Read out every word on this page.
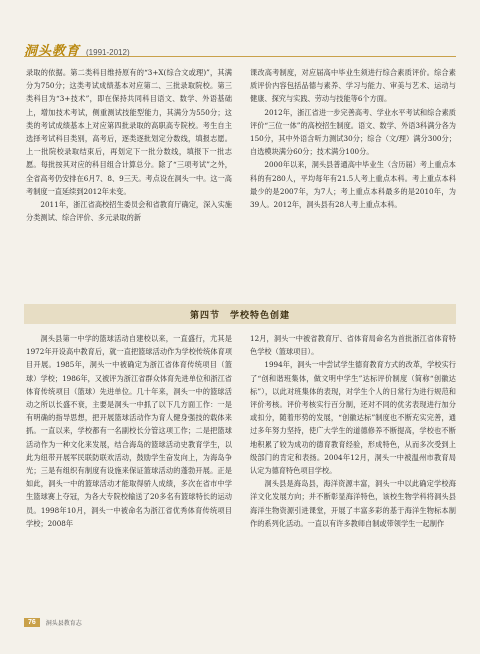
洞头教育 (1991-2012)

录取的依据。第二类科目维持原有的“3+X(综合文或理)”，其满分为750分；这类考试成绩基本对应第二、三批录取院校。第三类科目为“3+技术”，即在保持共同科目语文、数学、外语基础上，增加技术考试，侧重测试技能型能力，其满分为550分；这类的考试成绩基本上对应第四批录取的高职高专院校。考生自主选择考试科目类别，高考后，逐类逐批划定分数线，填报志愿。上一批院校录取结束后，再划定下一批分数线，填报下一批志愿。每批按其对应的科目组合计算总分。除了“三项考试”之外，全省高考仍安排在6月7、8、9三天。考点设在洞头一中。这一高考制度一直延续到2012年未变。

2011年，浙江省高校招生委员会和省教育厅确定，深入实施分类测试、综合评价、多元录取的新

课改高考制度，对应届高中毕业生须进行综合素质评价。综合素质评价内容包括品德与素养、学习与能力、审美与艺术、运动与健康、探究与实践、劳动与技能等6个方面。

2012年，浙江省进一步完善高考、学业水平考试和综合素质评价“三位一体”的高校招生制度。语文、数学、外语3科满分各为150分，其中外语含听力测试30分；综合（文/理）满分300分；自选模块满分60分；技术满分100分。

2000年以来，洞头县普通高中毕业生（含历届）考上重点本科的有280人，平均每年有21.5人考上重点本科。考上重点本科最少的是2007年，为7人；考上重点本科最多的是2010年，为39人。2012年，洞头县有28人考上重点本科。

第四节　学校特色创建

洞头县第一中学的篮球活动自建校以来，一直盛行，尤其是1972年开设高中教育后，就一直把篮球活动作为学校传统体育项目开展。1985年，洞头一中被确定为浙江省体育传统项目（篮球）学校；1986年，又被评为浙江省群众体育先进单位和浙江省体育传统项目（篮球）先进单位。几十年来，洞头一中的篮球活动之所以长盛不衰，主要是洞头一中抓了以下几方面工作：一是有明确的指导思想，把开展篮球活动作为育人健身强技的载体来抓。一直以来，学校都有一名副校长分管这项工作；二是把篮球活动作为一种文化来发展，结合海岛的篮球活动史教育学生，以此为纽带开展军民联防联欢活动，鼓励学生奋发向上，为海岛争光；三是有组织有制度有设施来保证篮球活动的蓬勃开展。正是如此，洞头一中的篮球活动才能取得骄人成绩，多次在省市中学生篮球赛上夺冠，为各大专院校输送了20多名有篮球特长的运动员。1998年10月，洞头一中被命名为浙江省优秀体育传统项目学校；2008年

12月，洞头一中被省教育厅、省体育局命名为首批浙江省体育特色学校（篮球项目）。

1994年，洞头一中尝试学生德育教育方式的改革，学校实行了“创和谐班集体，做文明中学生”达标评价制度（简称“创徽达标”），以此对班集体的表现，对学生个人的日常行为进行规范和评价考核。评价考核实行百分制，还对不同的优劣表现进行加分或扣分，随着形势的发展，“创徽达标”制度也不断充实完善，通过多年努力坚持，使广大学生的道德修养不断提高，学校也不断地积累了较为成功的德育教育经验，形成特色，从而多次受到上级部门的肯定和表扬。2004年12月，洞头一中被温州市教育局认定为德育特色项目学校。

洞头县是海岛县，海洋资源丰富，洞头一中以此确定学校海洋文化发展方向；并不断彰显海洋特色，该校生物学科将洞头县海洋生物资源引进课堂，开展了丰富多彩的基于海洋生物标本制作的系列化活动。一直以有许多教师自制或带领学生一起制作

76	洞头县教育志
